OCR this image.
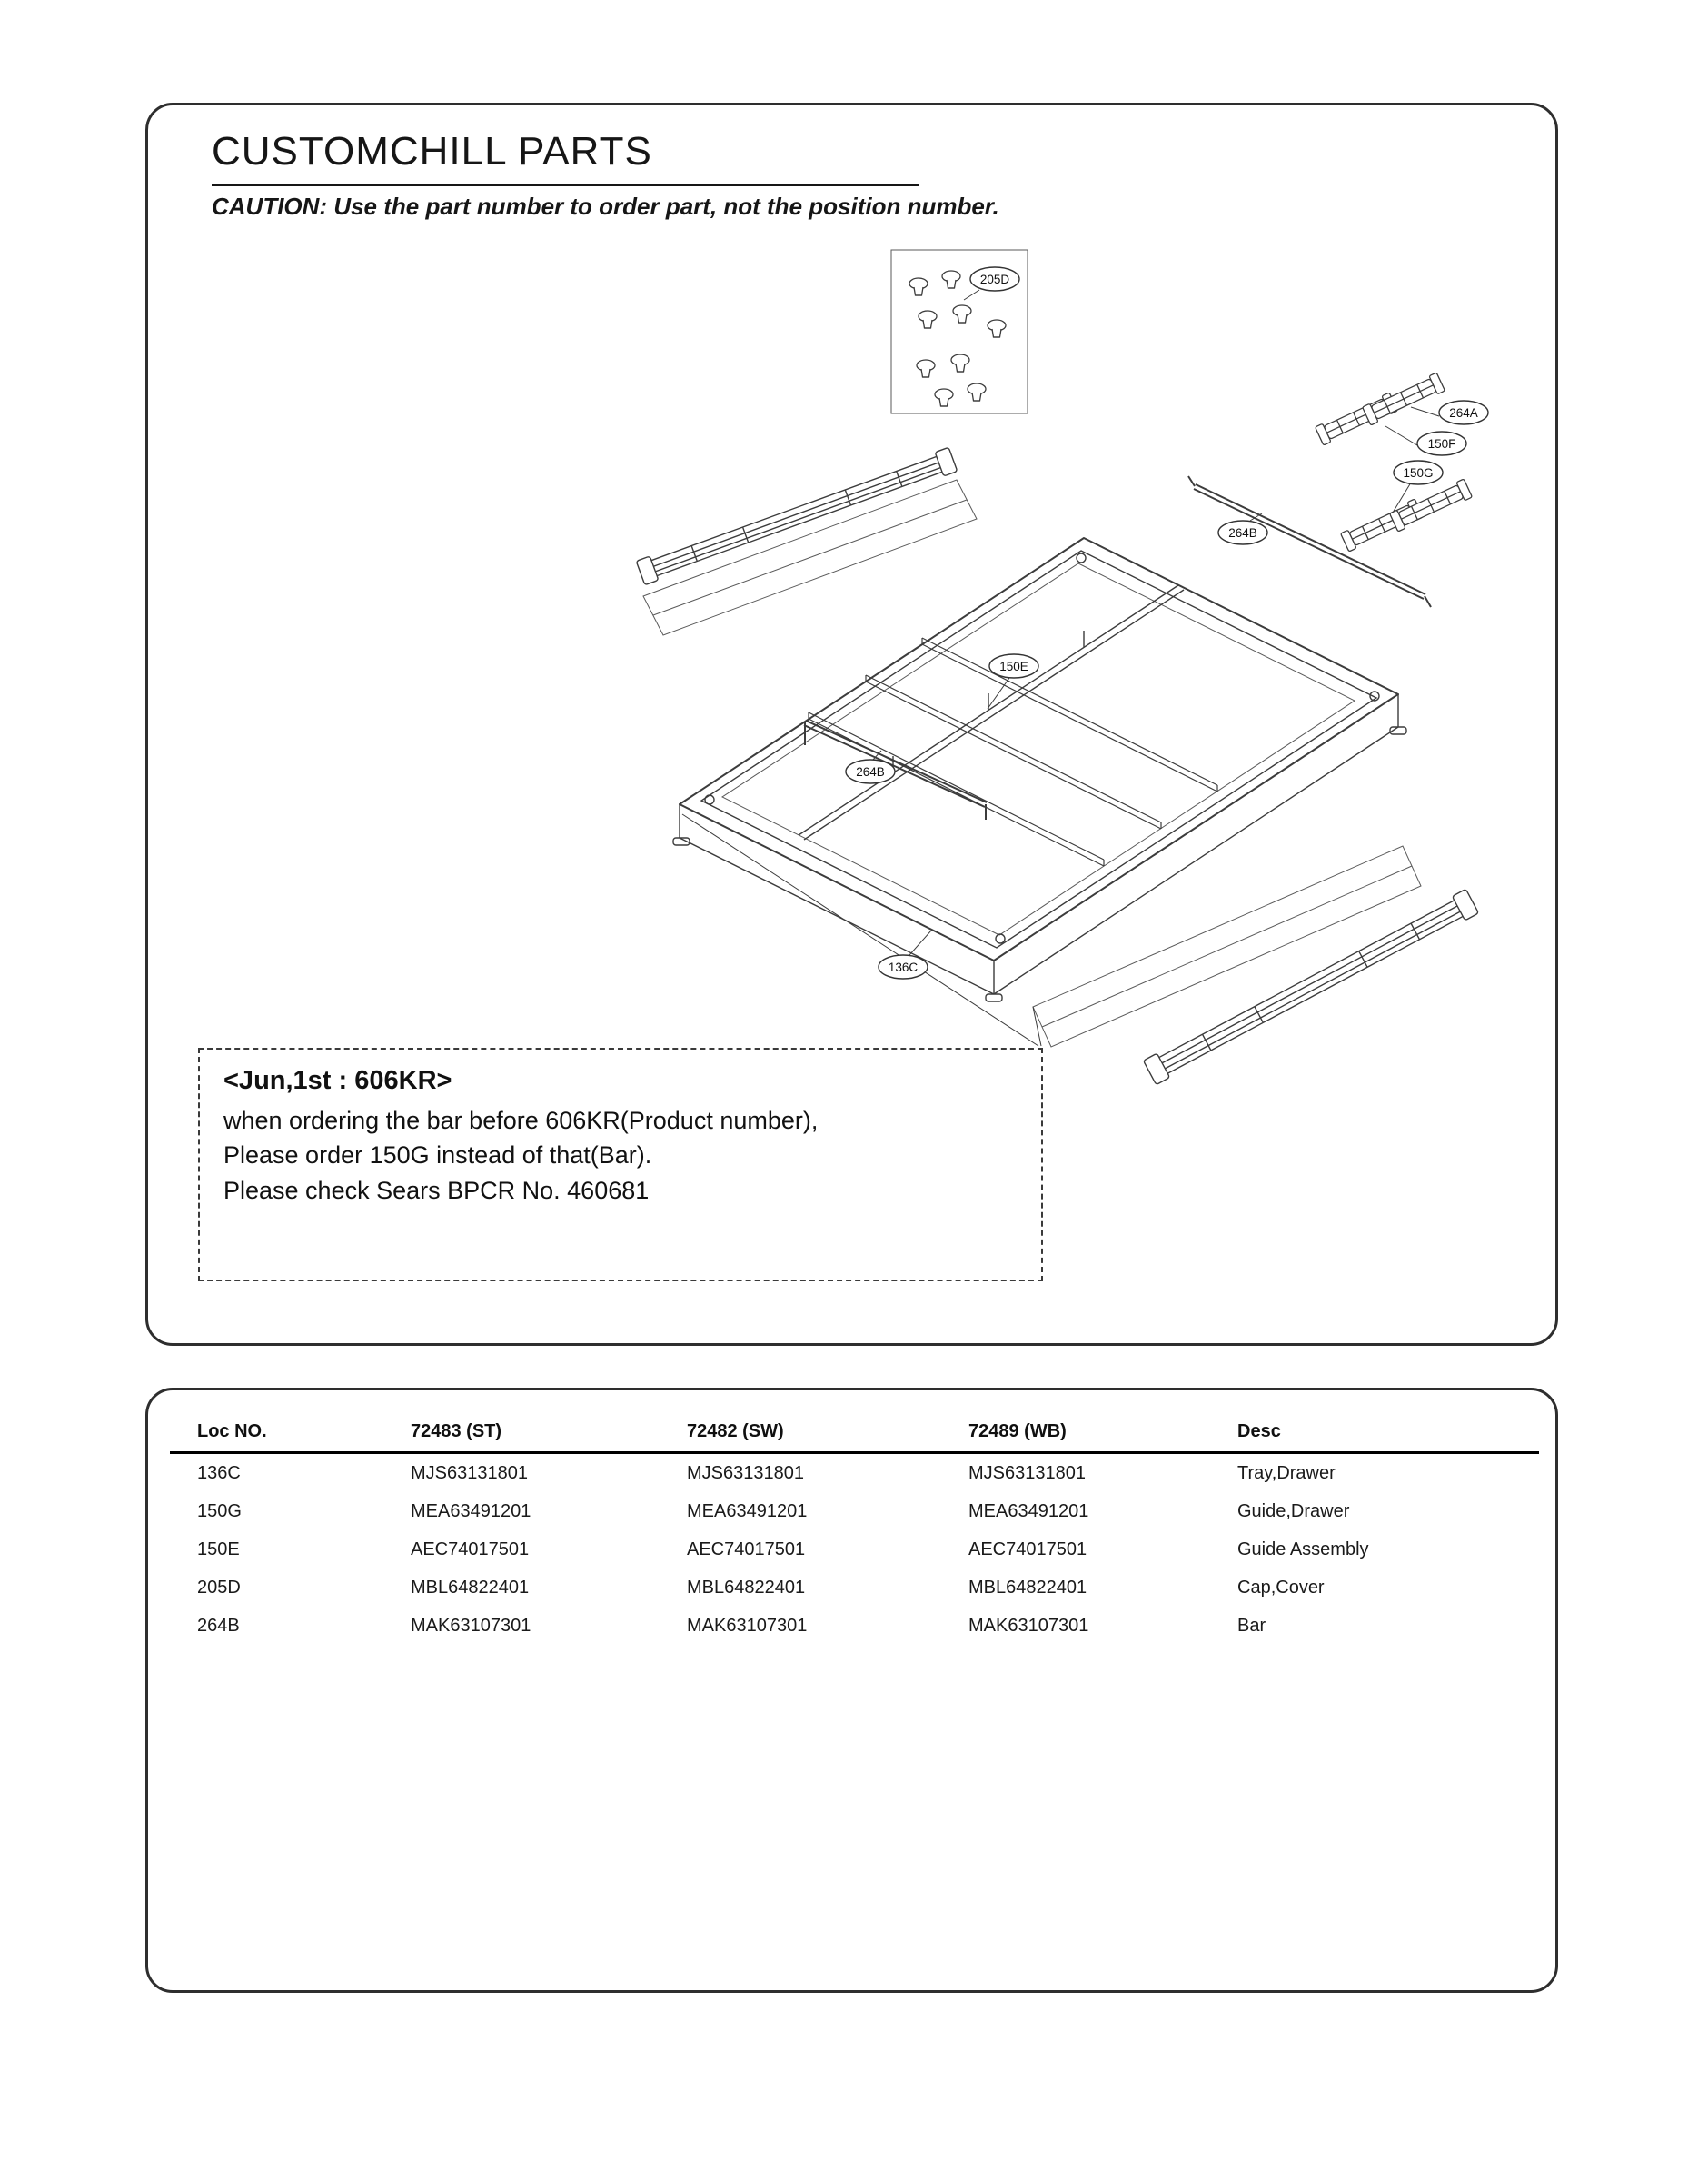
CUSTOMCHILL PARTS

CAUTION: Use the part number to order part, not the position number.

205D
264A
150F
150G
264B
150E
264B
136C
<Jun,1st : 606KR>
when ordering the bar before 606KR(Product number),
Please order 150G instead of that(Bar).
Please check Sears BPCR No. 460681
Loc NO.	72483 (ST)	72482 (SW)	72489 (WB)	Desc
136C	MJS63131801	MJS63131801	MJS63131801	Tray,Drawer
150G	MEA63491201	MEA63491201	MEA63491201	Guide,Drawer
150E	AEC74017501	AEC74017501	AEC74017501	Guide Assembly
205D	MBL64822401	MBL64822401	MBL64822401	Cap,Cover
264B	MAK63107301	MAK63107301	MAK63107301	Bar
